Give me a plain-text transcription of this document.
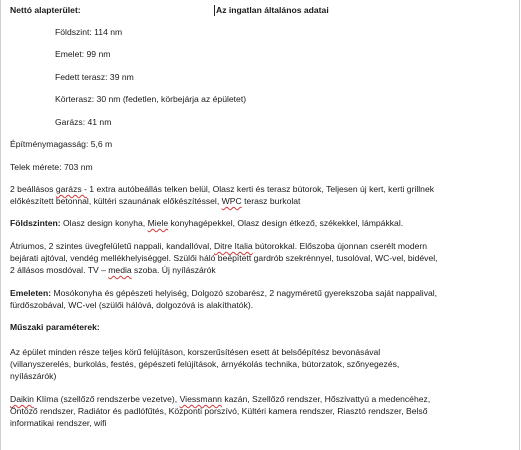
Nettó alapterület:	Az ingatlan általános adatai
Földszint: 114 nm
Emelet: 99 nm
Fedett terasz: 39 nm
Körterasz: 30 nm (fedetlen, körbejárja az épületet)
Garázs: 41 nm
Építménymagasság: 5,6 m
Telek mérete: 703 nm
2 beállásos garázs - 1 extra autóbeállás telken belül, Olasz kerti és terasz bútorok, Teljesen új kert, kerti grillnek
előkészített betonnal, kültéri szaunának előkészítéssel, WPC terasz burkolat
Földszinten: Olasz design konyha, Miele konyhagépekkel, Olasz design étkező, székekkel, lámpákkal.
Átriumos, 2 szintes üvegfelületű nappali, kandallóval, Ditre Italia bútorokkal. Előszoba újonnan cserélt modern
bejárati ajtóval, vendég mellékhelyiséggel. Szülői háló beépített gardrób szekrénnyel, tusolóval, WC-vel, bidével,
2 állásos mosdóval. TV – media szoba. Új nyílászárók
Emeleten: Mosókonyha és gépészeti helyiség, Dolgozó szobarész, 2 nagyméretű gyerekszoba saját nappalival,
fürdőszobával, WC-vel (szülői hálóvá, dolgozóvá is alakíthatók).
Műszaki paraméterek:
Az épület minden része teljes körű felújításon, korszerűsítésen esett át belsőépítész bevonásával
(villanyszerelés, burkolás, festés, gépészeti felújítások, árnyékolás technika, bútorzatok, szőnyegezés,
nyílászárók)
Daikin Klíma (szellőző rendszerbe vezetve), Viessmann kazán, Szellőző rendszer, Hőszivattyú a medencéhez,
Öntöző rendszer, Radiátor és padlófűtés, Központi porszívó, Kültéri kamera rendszer, Riasztó rendszer, Belső
informatikai rendszer, wifi
